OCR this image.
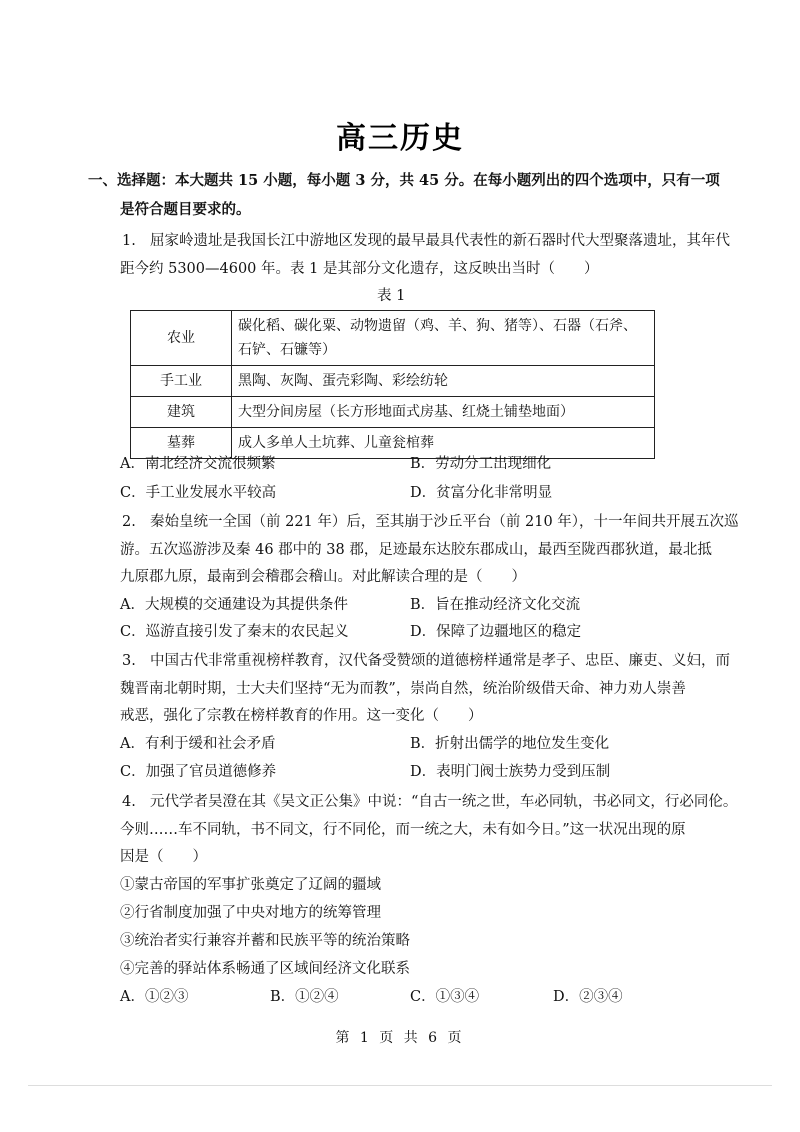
高三历史
一、选择题：本大题共 15 小题，每小题 3 分，共 45 分。在每小题列出的四个选项中，只有一项
是符合题目要求的。
1. 屈家岭遗址是我国长江中游地区发现的最早最具代表性的新石器时代大型聚落遗址，其年代
距今约 5300—4600 年。表 1 是其部分文化遗存，这反映出当时（　　）
表 1
农业	碳化稻、碳化粟、动物遗留（鸡、羊、狗、猪等）、石器（石斧、石铲、石镰等）
手工业	黑陶、灰陶、蛋壳彩陶、彩绘纺轮
建筑	大型分间房屋（长方形地面式房基、红烧土铺垫地面）
墓葬	成人多单人土坑葬、儿童瓮棺葬
A．南北经济交流很频繁	B．劳动分工出现细化
C．手工业发展水平较高	D．贫富分化非常明显
2. 秦始皇统一全国（前 221 年）后，至其崩于沙丘平台（前 210 年），十一年间共开展五次巡
游。五次巡游涉及秦 46 郡中的 38 郡，足迹最东达胶东郡成山，最西至陇西郡狄道，最北抵
九原郡九原，最南到会稽郡会稽山。对此解读合理的是（　　）
A．大规模的交通建设为其提供条件	B．旨在推动经济文化交流
C．巡游直接引发了秦末的农民起义	D．保障了边疆地区的稳定
3. 中国古代非常重视榜样教育，汉代备受赞颂的道德榜样通常是孝子、忠臣、廉吏、义妇，而
魏晋南北朝时期，士大夫们坚持“无为而教”，崇尚自然，统治阶级借天命、神力劝人崇善
戒恶，强化了宗教在榜样教育的作用。这一变化（　　）
A．有利于缓和社会矛盾	B．折射出儒学的地位发生变化
C．加强了官员道德修养	D．表明门阀士族势力受到压制
4. 元代学者吴澄在其《吴文正公集》中说：“自古一统之世，车必同轨，书必同文，行必同伦。
今则……车不同轨，书不同文，行不同伦，而一统之大，未有如今日。”这一状况出现的原
因是（　　）
①蒙古帝国的军事扩张奠定了辽阔的疆域
②行省制度加强了中央对地方的统筹管理
③统治者实行兼容并蓄和民族平等的统治策略
④完善的驿站体系畅通了区域间经济文化联系
A．①②③	B．①②④	C．①③④	D．②③④
第 1 页 共 6 页
